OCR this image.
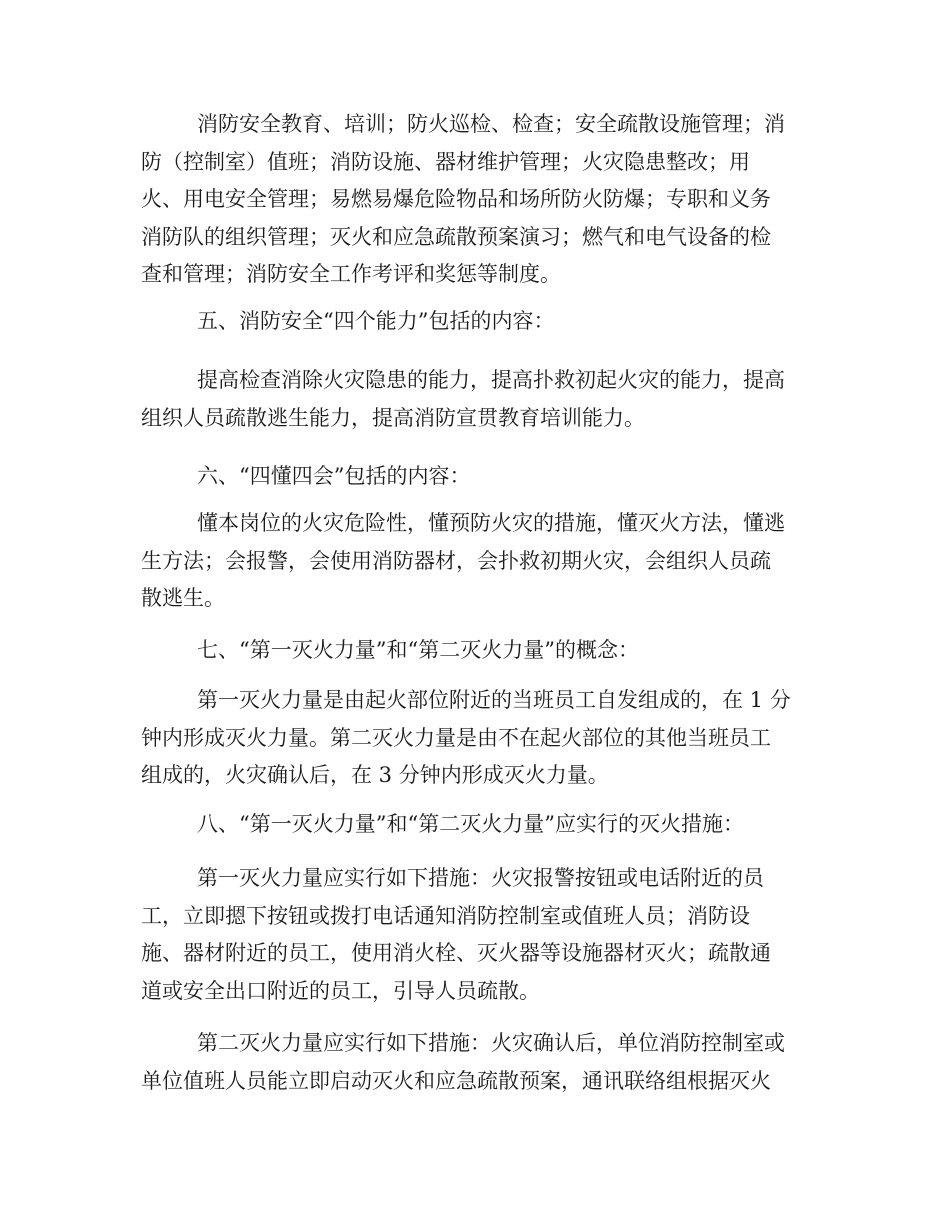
消防安全教育、培训；防火巡检、检查；安全疏散设施管理；消
防（控制室）值班；消防设施、器材维护管理；火灾隐患整改；用
火、用电安全管理；易燃易爆危险物品和场所防火防爆；专职和义务
消防队的组织管理；灭火和应急疏散预案演习；燃气和电气设备的检
查和管理；消防安全工作考评和奖惩等制度。

五、消防安全“四个能力”包括的内容：

提高检查消除火灾隐患的能力，提高扑救初起火灾的能力，提高
组织人员疏散逃生能力，提高消防宣贯教育培训能力。

六、“四懂四会”包括的内容：

懂本岗位的火灾危险性，懂预防火灾的措施，懂灭火方法，懂逃
生方法；会报警，会使用消防器材，会扑救初期火灾，会组织人员疏
散逃生。

七、“第一灭火力量”和“第二灭火力量”的概念：

第一灭火力量是由起火部位附近的当班员工自发组成的，在 1 分
钟内形成灭火力量。第二灭火力量是由不在起火部位的其他当班员工
组成的，火灾确认后，在 3 分钟内形成灭火力量。

八、“第一灭火力量”和“第二灭火力量”应实行的灭火措施：

第一灭火力量应实行如下措施：火灾报警按钮或电话附近的员
工，立即摁下按钮或拨打电话通知消防控制室或值班人员；消防设
施、器材附近的员工，使用消火栓、灭火器等设施器材灭火；疏散通
道或安全出口附近的员工，引导人员疏散。

第二灭火力量应实行如下措施：火灾确认后，单位消防控制室或
单位值班人员能立即启动灭火和应急疏散预案，通讯联络组根据灭火
